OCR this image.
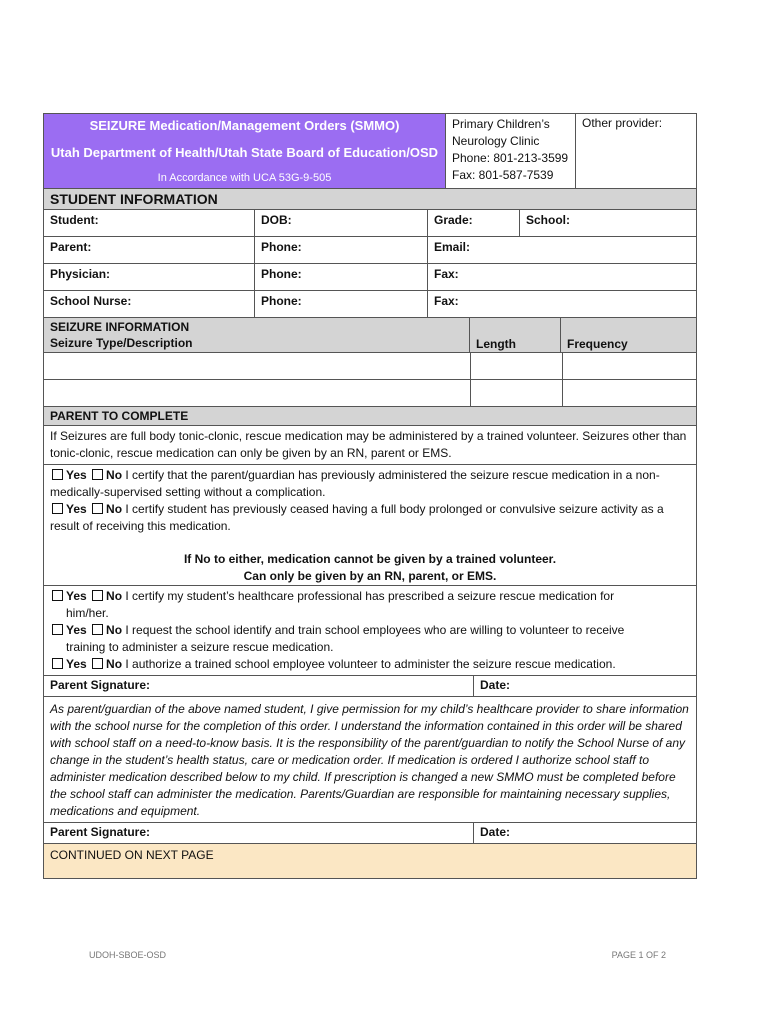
SEIZURE Medication/Management Orders (SMMO)
Utah Department of Health/Utah State Board of Education/OSD
In Accordance with UCA 53G-9-505
Primary Children’s
Neurology Clinic
Phone: 801-213-3599
Fax: 801-587-7539
Other provider:
STUDENT INFORMATION
Student:	DOB:	Grade:	School:
Parent:	Phone:	Email:
Physician:	Phone:	Fax:
School Nurse:	Phone:	Fax:
SEIZURE INFORMATION
Seizure Type/Description	Length	Frequency
PARENT TO COMPLETE
If Seizures are full body tonic-clonic, rescue medication may be administered by a trained volunteer. Seizures other than tonic-clonic, rescue medication can only be given by an RN, parent or EMS.
Yes No I certify that the parent/guardian has previously administered the seizure rescue medication in a non-medically-supervised setting without a complication.
Yes No I certify student has previously ceased having a full body prolonged or convulsive seizure activity as a result of receiving this medication.
If No to either, medication cannot be given by a trained volunteer.
Can only be given by an RN, parent, or EMS.
Yes No I certify my student’s healthcare professional has prescribed a seizure rescue medication for
him/her.
Yes No I request the school identify and train school employees who are willing to volunteer to receive
training to administer a seizure rescue medication.
Yes No I authorize a trained school employee volunteer to administer the seizure rescue medication.
Parent Signature:	Date:
As parent/guardian of the above named student, I give permission for my child’s healthcare provider to share information with the school nurse for the completion of this order. I understand the information contained in this order will be shared with school staff on a need-to-know basis. It is the responsibility of the parent/guardian to notify the School Nurse of any change in the student’s health status, care or medication order. If medication is ordered I authorize school staff to administer medication described below to my child. If prescription is changed a new SMMO must be completed before the school staff can administer the medication. Parents/Guardian are responsible for maintaining necessary supplies, medications and equipment.
Parent Signature:	Date:
CONTINUED ON NEXT PAGE
UDOH-SBOE-OSD	PAGE 1 OF 2
